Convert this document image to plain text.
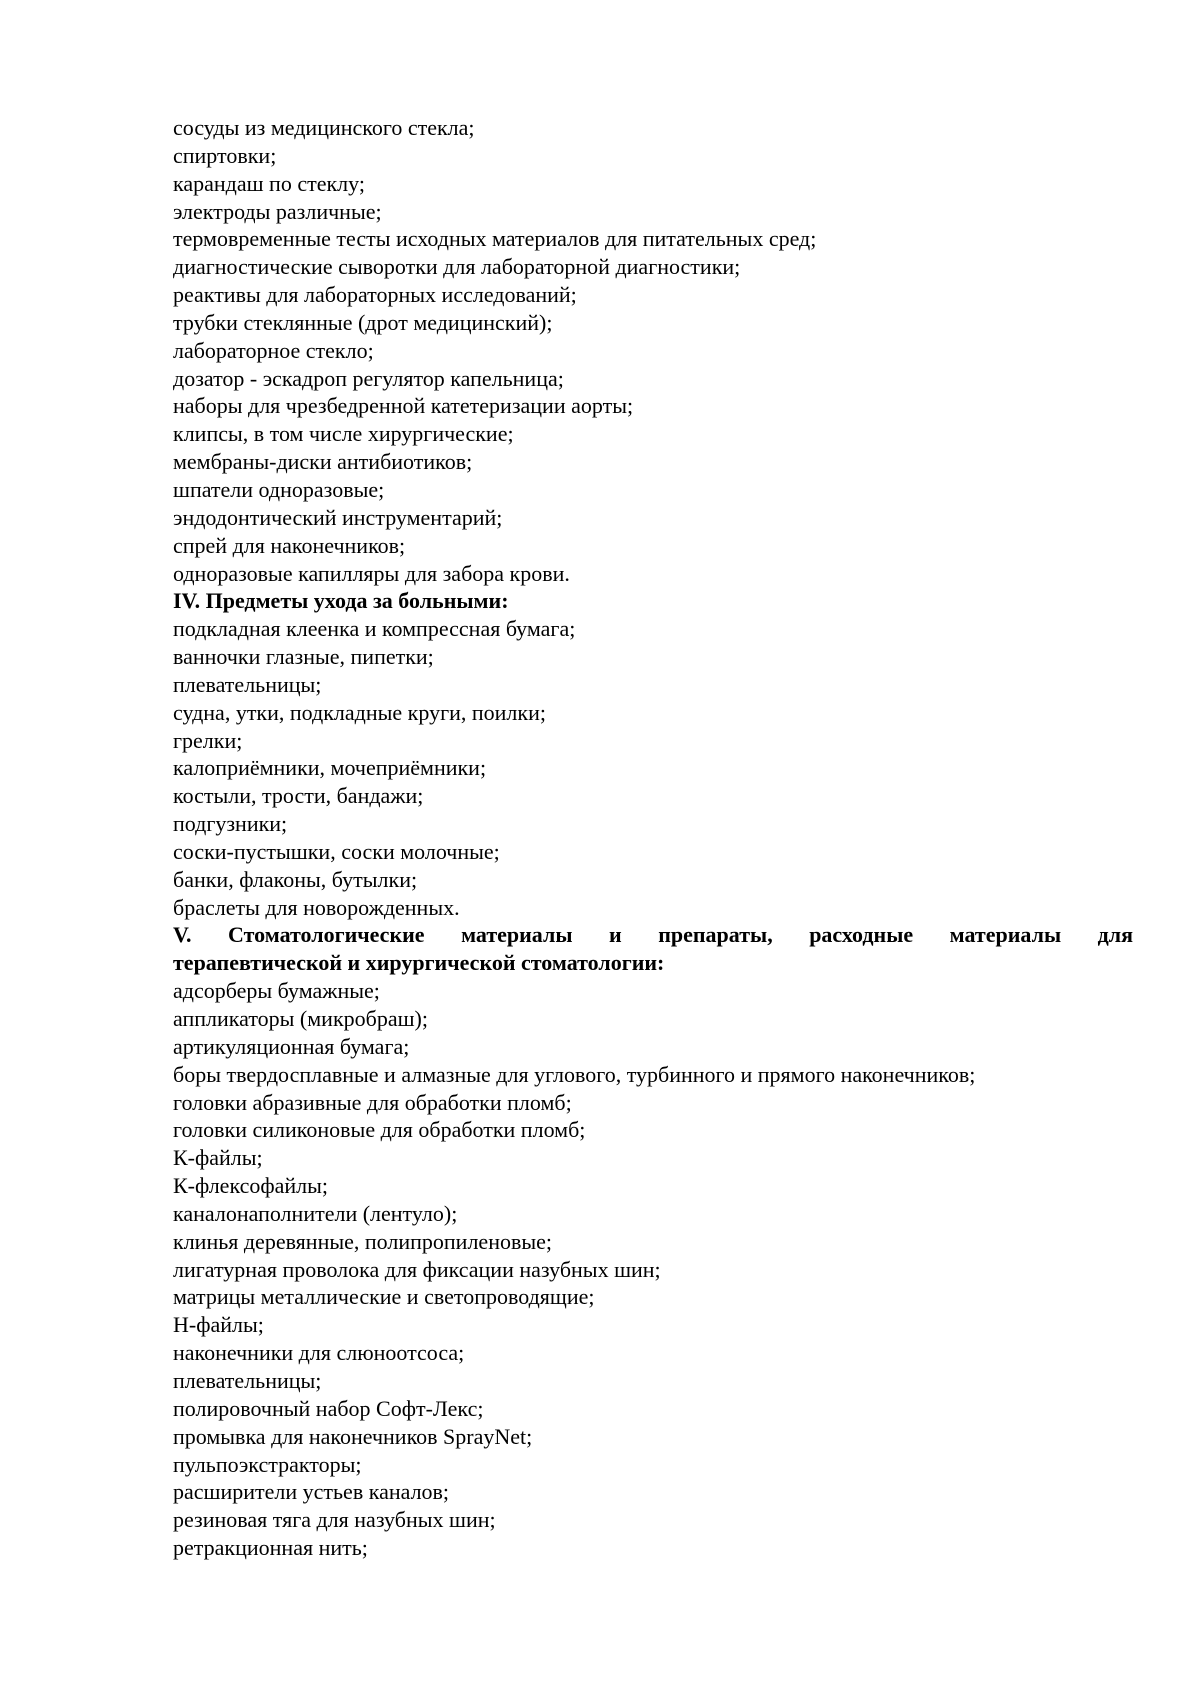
сосуды из медицинского стекла;
спиртовки;
карандаш по стеклу;
электроды различные;
термовременные тесты исходных материалов для питательных сред;
диагностические сыворотки для лабораторной диагностики;
реактивы для лабораторных исследований;
трубки стеклянные (дрот медицинский);
лабораторное стекло;
дозатор - эскадроп регулятор капельница;
наборы для чрезбедренной катетеризации аорты;
клипсы, в том числе хирургические;
мембраны-диски антибиотиков;
шпатели одноразовые;
эндодонтический инструментарий;
спрей для наконечников;
одноразовые капилляры для забора крови.
IV. Предметы ухода за больными:
подкладная клеенка и компрессная бумага;
ванночки глазные, пипетки;
плевательницы;
судна, утки, подкладные круги, поилки;
грелки;
калоприёмники, мочеприёмники;
костыли, трости, бандажи;
подгузники;
соски-пустышки, соски молочные;
банки, флаконы, бутылки;
браслеты для новорожденных.
V. Стоматологические материалы и препараты, расходные материалы для
терапевтической и хирургической стоматологии:
адсорберы бумажные;
аппликаторы (микробраш);
артикуляционная бумага;
боры твердосплавные и алмазные для углового, турбинного и прямого наконечников;
головки абразивные для обработки пломб;
головки силиконовые для обработки пломб;
К-файлы;
К-флексофайлы;
каналонаполнители (лентуло);
клинья деревянные, полипропиленовые;
лигатурная проволока для фиксации назубных шин;
матрицы металлические и светопроводящие;
Н-файлы;
наконечники для слюноотсоса;
плевательницы;
полировочный набор Софт-Лекс;
промывка для наконечников SprayNet;
пульпоэкстракторы;
расширители устьев каналов;
резиновая тяга для назубных шин;
ретракционная нить;
